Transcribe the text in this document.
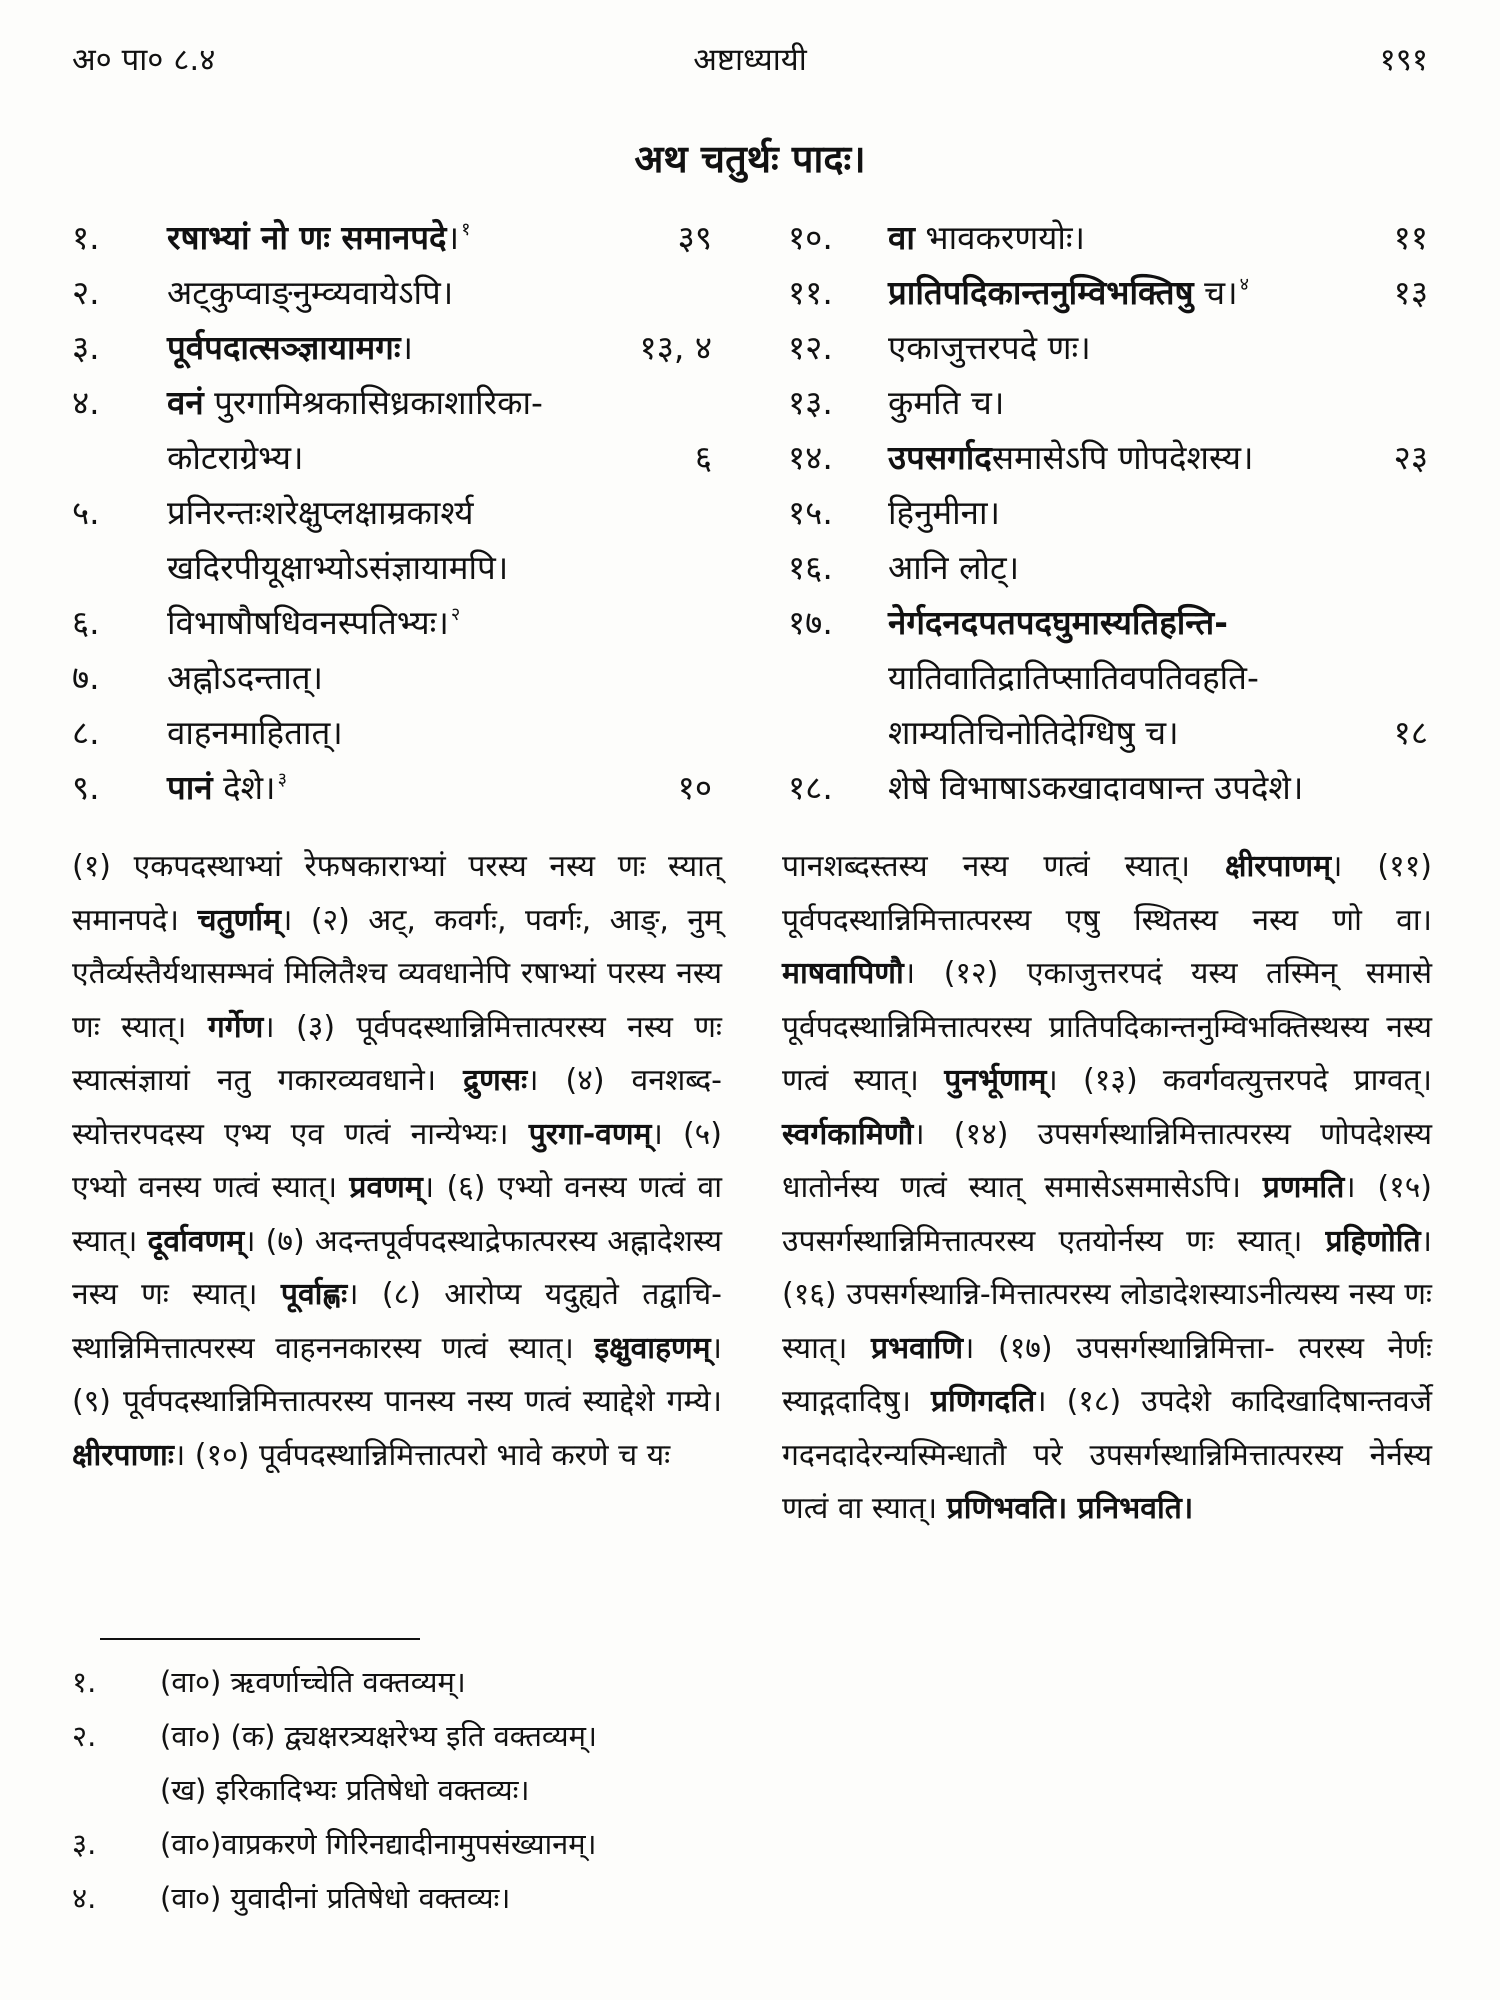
अ० पा० ८.४	अष्टाध्यायी	१९१
अथ चतुर्थः पादः।
१. रषाभ्यां नो णः समानपदे। $^१$	३९
२. अट्कुप्वाङ्नुम्व्यवायेऽपि।
३. पूर्वपदात्सञ्ज्ञायामगः।	१३, ४
४. वनं पुरगामिश्रकासिध्रकाशारिका-
कोटराग्रेभ्य।	६
५. प्रनिरन्तःशरेक्षुप्लक्षाम्रकार्श्य
खदिरपीयूक्षाभ्योऽसंज्ञायामपि।
६. विभाषौषधिवनस्पतिभ्यः। $^२$
७. अह्नोऽदन्तात्।
८. वाहनमाहितात्।
९. पानं देशे। $^३$	१०
१०. वा भावकरणयोः।	११
११. प्रातिपदिकान्तनुम्विभक्तिषु च। $^४$	१३
१२. एकाजुत्तरपदे णः।
१३. कुमति च।
१४. उपसर्गादसमासेऽपि णोपदेशस्य।	२३
१५. हिनुमीना।
१६. आनि लोट्।
१७. नेर्गदनदपतपदघुमास्यतिहन्ति-
यातिवातिद्रातिप्सातिवपतिवहति-
शाम्यतिचिनोतिदेग्धिषु च।	१८
१८. शेषे विभाषाऽकखादावषान्त उपदेशे।
(१) एकपदस्थाभ्यां रेफषकाराभ्यां परस्य नस्य णः स्यात् समानपदे। चतुर्णाम्। (२) अट्, कवर्गः, पवर्गः, आङ्, नुम् एतैर्व्यस्तैर्यथासम्भवं मिलितैश्च व्यवधानेपि रषाभ्यां परस्य नस्य णः स्यात्। गर्गेण। (३) पूर्वपदस्थान्निमित्तात्परस्य नस्य णः स्यात्संज्ञायां नतु गकारव्यवधाने। द्रुणसः। (४) वनशब्द-स्योत्तरपदस्य एभ्य एव णत्वं नान्येभ्यः। पुरगा-वणम्। (५) एभ्यो वनस्य णत्वं स्यात्। प्रवणम्। (६) एभ्यो वनस्य णत्वं वा स्यात्। दूर्वावणम्। (७) अदन्तपूर्वपदस्थाद्रेफात्परस्य अह्नादेशस्य नस्य णः स्यात्। पूर्वाह्णः। (८) आरोप्य यदुह्यते तद्वाचि-स्थान्निमित्तात्परस्य वाहननकारस्य णत्वं स्यात्। इक्षुवाहणम्। (९) पूर्वपदस्थान्निमित्तात्परस्य पानस्य नस्य णत्वं स्याद्देशे गम्ये। क्षीरपाणाः। (१०) पूर्वपदस्थान्निमित्तात्परो भावे करणे च यः
पानशब्दस्तस्य नस्य णत्वं स्यात्। क्षीरपाणम्। (११) पूर्वपदस्थान्निमित्तात्परस्य एषु स्थितस्य नस्य णो वा। माषवापिणौ। (१२) एकाजुत्तरपदं यस्य तस्मिन् समासे पूर्वपदस्थान्निमित्तात्परस्य प्रातिपदिकान्तनुम्विभक्तिस्थस्य नस्य णत्वं स्यात्। पुनर्भूणाम्। (१३) कवर्गवत्युत्तरपदे प्राग्वत्। स्वर्गकामिणौ। (१४) उपसर्गस्थान्निमित्तात्परस्य णोपदेशस्य धातोर्नस्य णत्वं स्यात् समासेऽसमासेऽपि। प्रणमति। (१५) उपसर्गस्थान्निमित्तात्परस्य एतयोर्नस्य णः स्यात्। प्रहिणोति। (१६) उपसर्गस्थान्नि-मित्तात्परस्य लोडादेशस्याऽनीत्यस्य नस्य णः स्यात्। प्रभवाणि। (१७) उपसर्गस्थान्निमित्ता- त्परस्य नेर्णः स्याद्गदादिषु। प्रणिगदति। (१८) उपदेशे कादिखादिषान्तवर्जे गदनदादेरन्यस्मिन्धातौ परे उपसर्गस्थान्निमित्तात्परस्य नेर्नस्य णत्वं वा स्यात्। प्रणिभवति। प्रनिभवति।
१. (वा०) ऋवर्णाच्चेति वक्तव्यम्।
२. (वा०) (क) द्व्यक्षरत्र्यक्षरेभ्य इति वक्तव्यम्।
(ख) इरिकादिभ्यः प्रतिषेधो वक्तव्यः।
३. (वा०)वाप्रकरणे गिरिनद्यादीनामुपसंख्यानम्।
४. (वा०) युवादीनां प्रतिषेधो वक्तव्यः।
